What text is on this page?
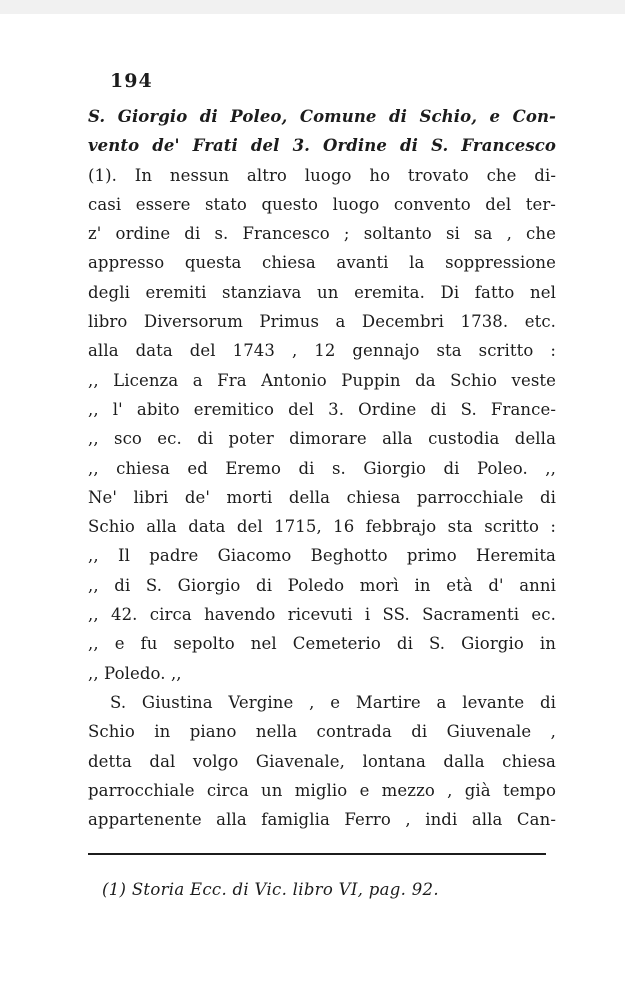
194
S. Giorgio di Poleo, Comune di Schio, e Con-
vento de' Frati del 3. Ordine di S. Francesco
(1). In nessun altro luogo ho trovato che di-
casi essere stato questo luogo convento del ter-
z' ordine di s. Francesco ; soltanto si sa , che
appresso questa chiesa avanti la soppressione
degli eremiti stanziava un eremita. Di fatto nel
libro Diversorum Primus a Decembri 1738. etc.
alla data del 1743 , 12 gennajo sta scritto :
,, Licenza a Fra Antonio Puppin da Schio veste
,, l' abito eremitico del 3. Ordine di S. France-
,, sco ec. di poter dimorare alla custodia della
,, chiesa ed Eremo di s. Giorgio di Poleo. ,,
Ne' libri de' morti della chiesa parrocchiale di
Schio alla data del 1715, 16 febbrajo sta scritto :
,, Il padre Giacomo Beghotto primo Heremita
,, di S. Giorgio di Poledo morì in età d' anni
,, 42. circa havendo ricevuti i SS. Sacramenti ec.
,, e fu sepolto nel Cemeterio di S. Giorgio in
,, Poledo. ,,
S. Giustina Vergine , e Martire a levante di
Schio in piano nella contrada di Giuvenale ,
detta dal volgo Giavenale, lontana dalla chiesa
parrocchiale circa un miglio e mezzo , già tempo
appartenente alla famiglia Ferro , indi alla Can-
(1) Storia Ecc. di Vic. libro VI, pag. 92.
